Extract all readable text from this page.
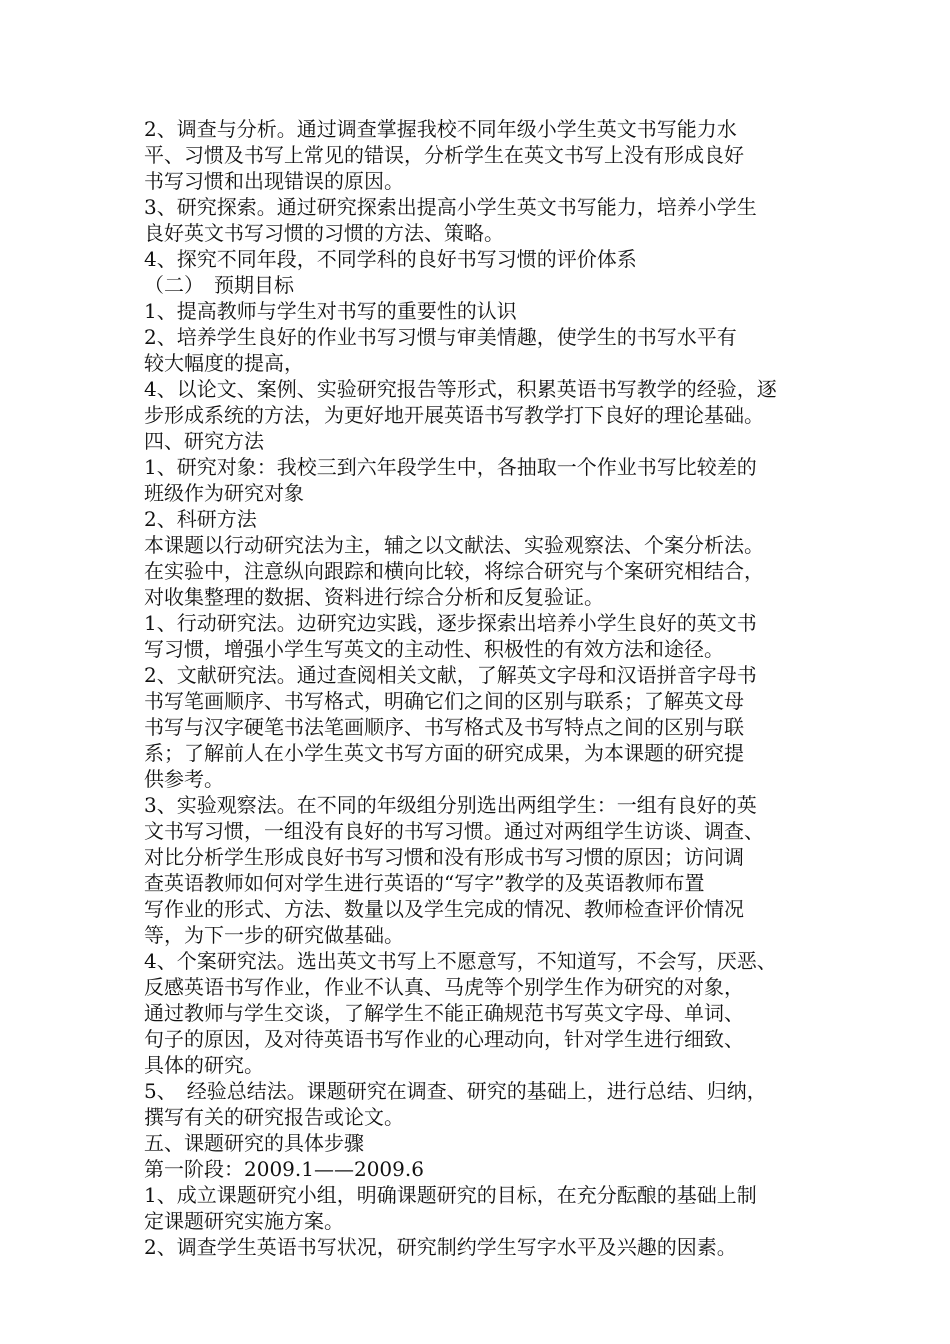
2、调查与分析。通过调查掌握我校不同年级小学生英文书写能力水
平、习惯及书写上常见的错误，分析学生在英文书写上没有形成良好
书写习惯和出现错误的原因。
3、研究探索。通过研究探索出提高小学生英文书写能力，培养小学生
良好英文书写习惯的习惯的方法、策略。
4、探究不同年段，不同学科的良好书写习惯的评价体系
（二）　预期目标
1、提高教师与学生对书写的重要性的认识
2、培养学生良好的作业书写习惯与审美情趣，使学生的书写水平有
较大幅度的提高，
4、以论文、案例、实验研究报告等形式，积累英语书写教学的经验，逐
步形成系统的方法，为更好地开展英语书写教学打下良好的理论基础。
四、研究方法
1、研究对象：我校三到六年段学生中，各抽取一个作业书写比较差的
班级作为研究对象
2、科研方法
本课题以行动研究法为主，辅之以文献法、实验观察法、个案分析法。
在实验中，注意纵向跟踪和横向比较，将综合研究与个案研究相结合，
对收集整理的数据、资料进行综合分析和反复验证。
1、行动研究法。边研究边实践，逐步探索出培养小学生良好的英文书
写习惯，增强小学生写英文的主动性、积极性的有效方法和途径。
2、文献研究法。通过查阅相关文献，了解英文字母和汉语拼音字母书
书写笔画顺序、书写格式，明确它们之间的区别与联系；了解英文母
书写与汉字硬笔书法笔画顺序、书写格式及书写特点之间的区别与联
系；了解前人在小学生英文书写方面的研究成果，为本课题的研究提
供参考。
3、实验观察法。在不同的年级组分别选出两组学生：一组有良好的英
文书写习惯，一组没有良好的书写习惯。通过对两组学生访谈、调查、
对比分析学生形成良好书写习惯和没有形成书写习惯的原因；访问调
查英语教师如何对学生进行英语的“写字”教学的及英语教师布置
写作业的形式、方法、数量以及学生完成的情况、教师检查评价情况
等，为下一步的研究做基础。
4、个案研究法。选出英文书写上不愿意写，不知道写，不会写，厌恶、
反感英语书写作业，作业不认真、马虎等个别学生作为研究的对象，
通过教师与学生交谈，了解学生不能正确规范书写英文字母、单词、
句子的原因，及对待英语书写作业的心理动向，针对学生进行细致、
具体的研究。
5、　经验总结法。课题研究在调查、研究的基础上，进行总结、归纳，
撰写有关的研究报告或论文。
五、课题研究的具体步骤
第一阶段：2009.1——2009.6
1、成立课题研究小组，明确课题研究的目标，在充分酝酿的基础上制
定课题研究实施方案。
2、调查学生英语书写状况，研究制约学生写字水平及兴趣的因素。
